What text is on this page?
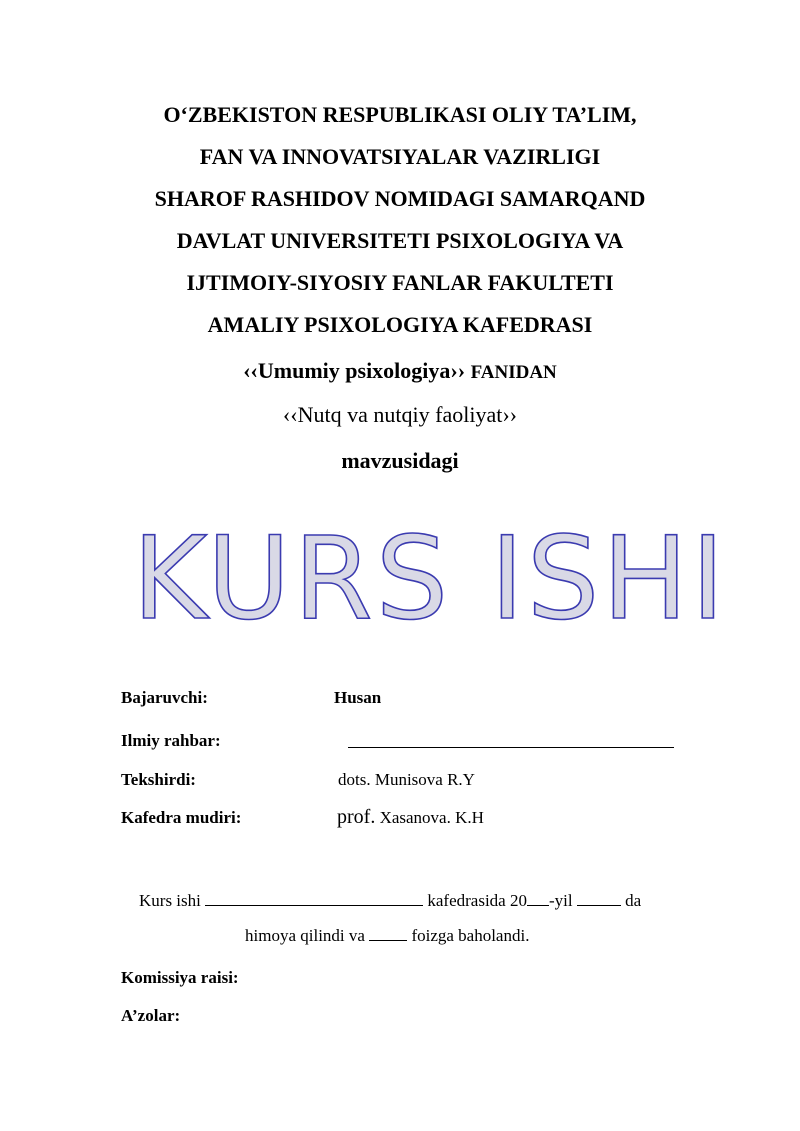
O‘ZBEKISTON RESPUBLIKASI OLIY TA’LIM,
FAN VA INNOVATSIYALAR VAZIRLIGI
SHAROF RASHIDOV NOMIDAGI SAMARQAND
DAVLAT UNIVERSITETI PSIXOLOGIYA VA
IJTIMOIY-SIYOSIY FANLAR FAKULTETI
AMALIY PSIXOLOGIYA KAFEDRASI
‹‹Umumiy psixologiya›› FANIDAN
‹‹Nutq va nutqiy faoliyat››
mavzusidagi
KURS ISHI
Bajaruvchi:	Husan
Ilmiy rahbar:
Tekshirdi:	dots. Munisova R.Y
Kafedra mudiri:	prof. Xasanova. K.H
Kurs ishi	kafedrasida 20 -yil	da
himoya qilindi va	foizga baholandi.
Komissiya raisi:
A’zolar:
